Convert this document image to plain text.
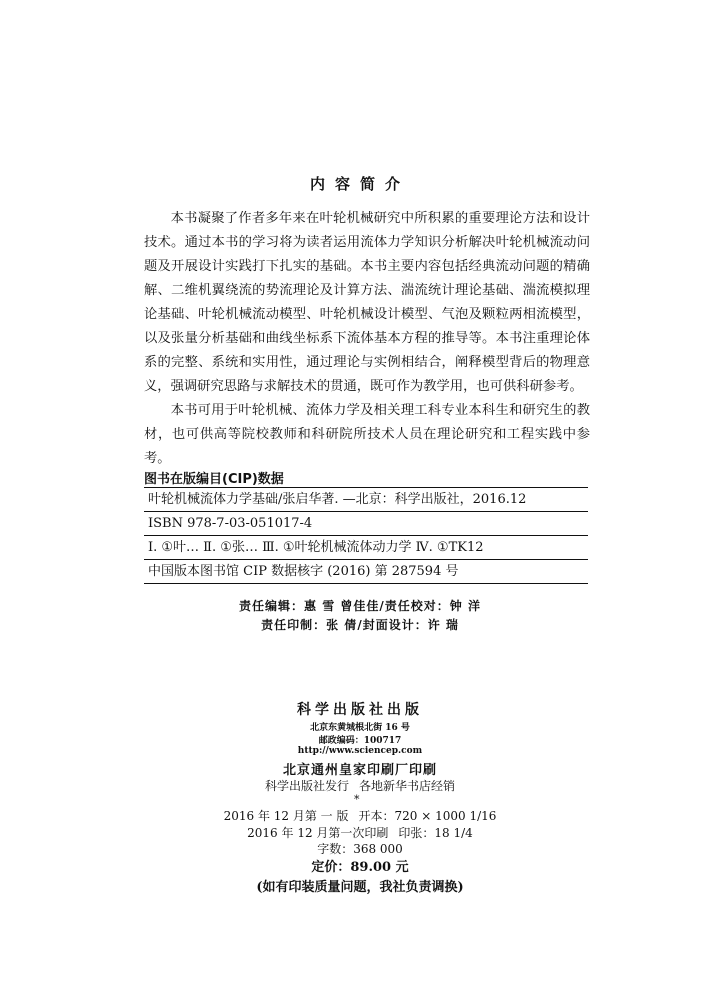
内容简介

本书凝聚了作者多年来在叶轮机械研究中所积累的重要理论方法和设计技术。通过本书的学习将为读者运用流体力学知识分析解决叶轮机械流动问题及开展设计实践打下扎实的基础。本书主要内容包括经典流动问题的精确解、二维机翼绕流的势流理论及计算方法、湍流统计理论基础、湍流模拟理论基础、叶轮机械流动模型、叶轮机械设计模型、气泡及颗粒两相流模型，以及张量分析基础和曲线坐标系下流体基本方程的推导等。本书注重理论体系的完整、系统和实用性，通过理论与实例相结合，阐释模型背后的物理意义，强调研究思路与求解技术的贯通，既可作为教学用，也可供科研参考。

本书可用于叶轮机械、流体力学及相关理工科专业本科生和研究生的教材，也可供高等院校教师和科研院所技术人员在理论研究和工程实践中参考。

图书在版编目(CIP)数据
叶轮机械流体力学基础/张启华著. —北京：科学出版社，2016.12
ISBN 978-7-03-051017-4
Ⅰ. ①叶… Ⅱ. ①张… Ⅲ. ①叶轮机械流体动力学 Ⅳ. ①TK12
中国版本图书馆 CIP 数据核字 (2016) 第 287594 号
责任编辑：惠 雪 曾佳佳/责任校对：钟 洋
责任印制：张 倩/封面设计：许 瑞
科学出版社出版
北京东黄城根北街 16 号
邮政编码：100717
http://www.sciencep.com
北京通州皇家印刷厂印刷
科学出版社发行 各地新华书店经销
*
2016 年 12 月第 一 版 开本：720 × 1000 1/16
2016 年 12 月第一次印刷 印张：18 1/4
字数：368 000
定价：89.00 元
(如有印装质量问题，我社负责调换)
